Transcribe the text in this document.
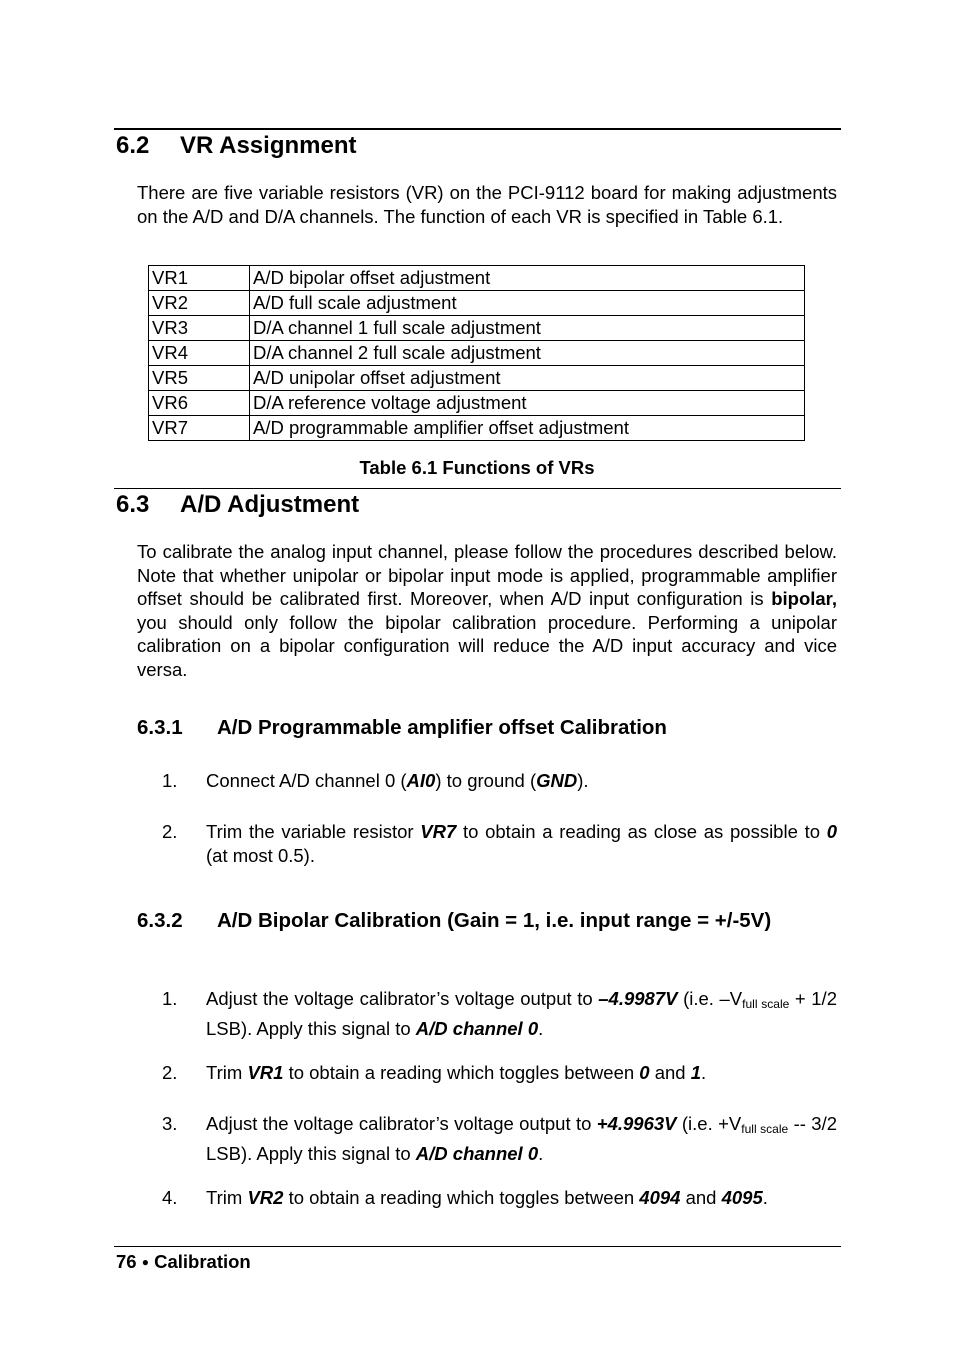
6.2 VR Assignment
There are five variable resistors (VR) on the PCI-9112 board for making adjustments on the A/D and D/A channels. The function of each VR is specified in Table 6.1.
VR1	A/D bipolar offset adjustment
VR2	A/D full scale adjustment
VR3	D/A channel 1 full scale adjustment
VR4	D/A channel 2 full scale adjustment
VR5	A/D unipolar offset adjustment
VR6	D/A reference voltage adjustment
VR7	A/D programmable amplifier offset adjustment
Table 6.1 Functions of VRs
6.3 A/D Adjustment
To calibrate the analog input channel, please follow the procedures described below. Note that whether unipolar or bipolar input mode is applied, programmable amplifier offset should be calibrated first. Moreover, when A/D input configuration is bipolar, you should only follow the bipolar calibration procedure. Performing a unipolar calibration on a bipolar configuration will reduce the A/D input accuracy and vice versa.
6.3.1 A/D Programmable amplifier offset Calibration
1. Connect A/D channel 0 (AI0) to ground (GND).
2. Trim the variable resistor VR7 to obtain a reading as close as possible to 0 (at most 0.5).
6.3.2 A/D Bipolar Calibration (Gain = 1, i.e. input range = +/-5V)
1. Adjust the voltage calibrator’s voltage output to –4.9987V (i.e. $-V_{full scale} + 1/2$ LSB). Apply this signal to A/D channel 0.
2. Trim VR1 to obtain a reading which toggles between 0 and 1.
3. Adjust the voltage calibrator’s voltage output to +4.9963V (i.e. $+V_{full scale} -- 3/2$ LSB). Apply this signal to A/D channel 0.
4. Trim VR2 to obtain a reading which toggles between 4094 and 4095.
76 ● Calibration
